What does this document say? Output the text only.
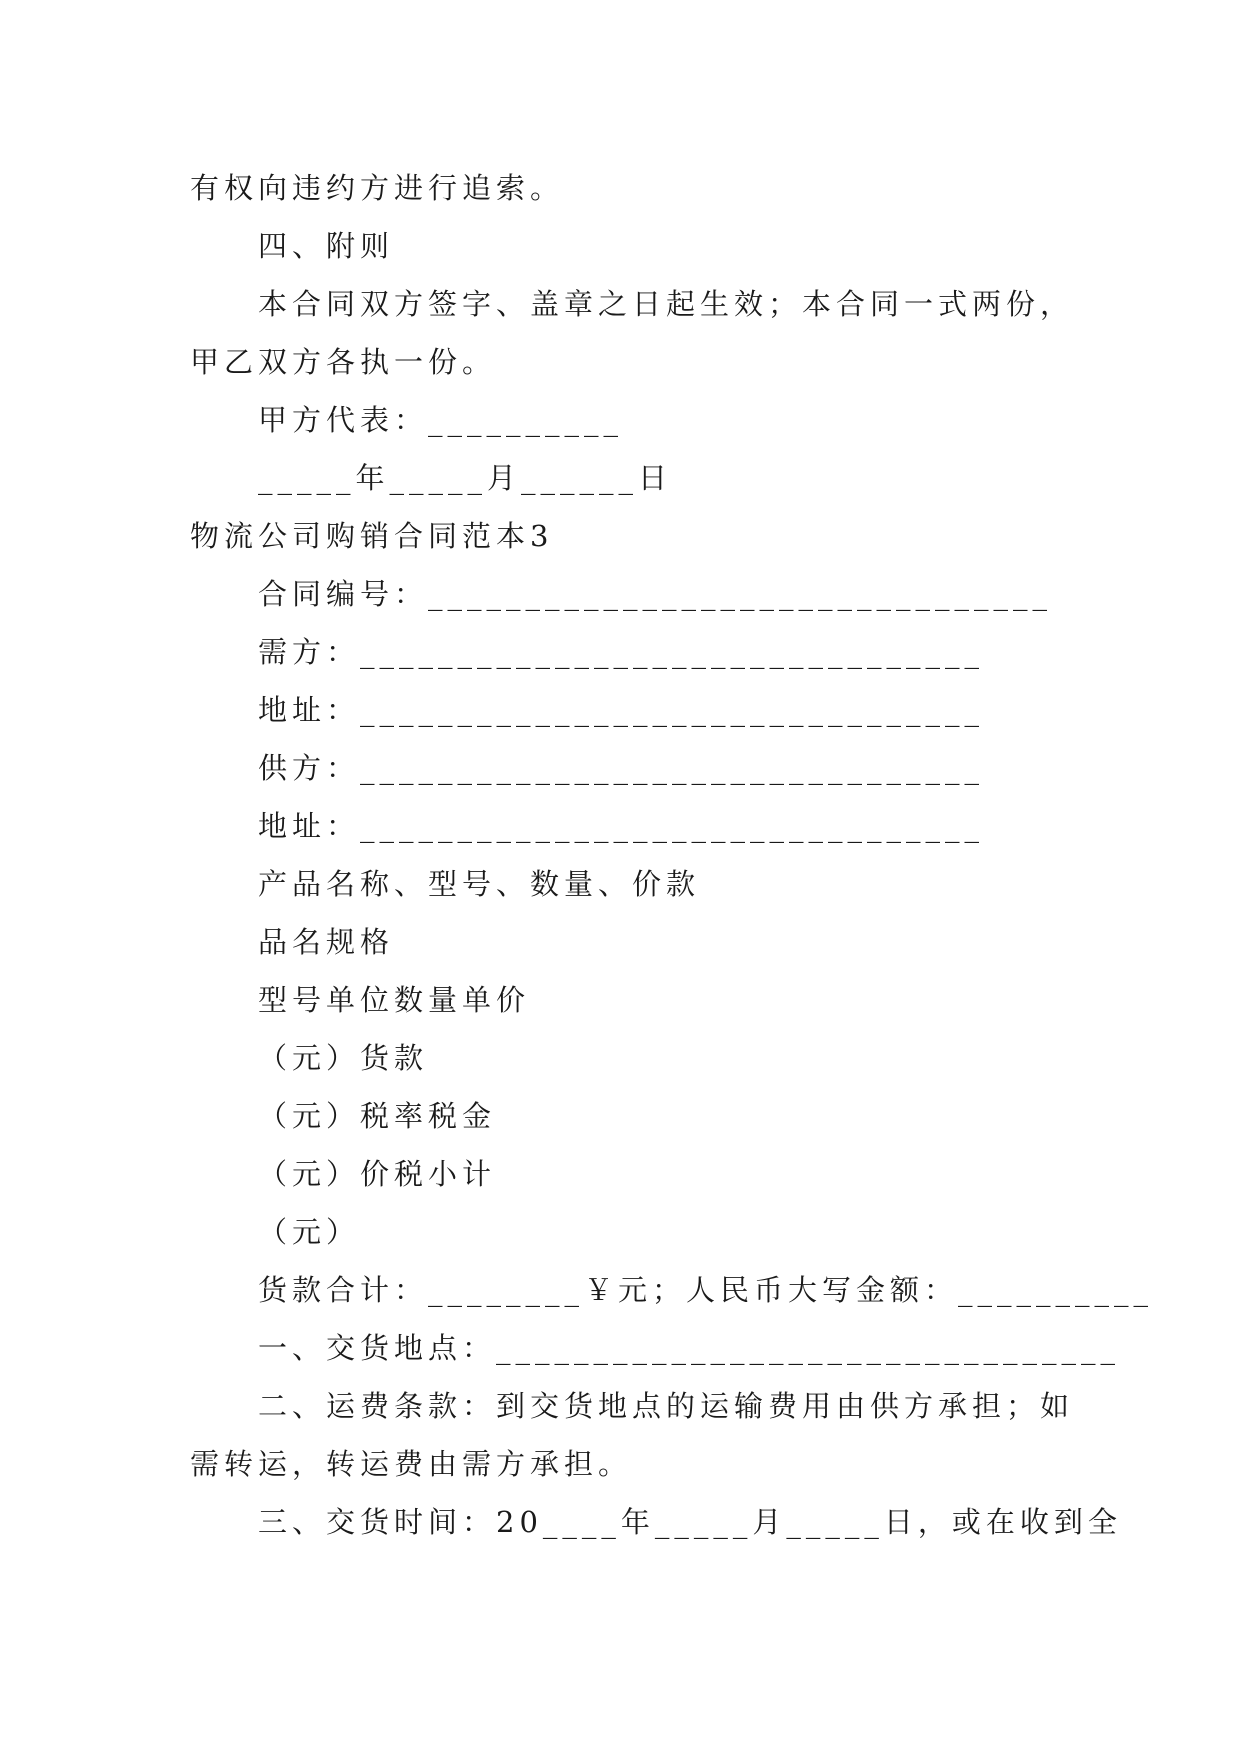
有权向违约方进行追索。
四、附则
本合同双方签字、盖章之日起生效；本合同一式两份，
甲乙双方各执一份。
甲方代表：__________
_____年_____月______日
物流公司购销合同范本3
合同编号：________________________________
需方：________________________________
地址：________________________________
供方：________________________________
地址：________________________________
产品名称、型号、数量、价款
品名规格
型号单位数量单价
（元）货款
（元）税率税金
（元）价税小计
（元）
货款合计：________￥元；人民币大写金额：__________
一、交货地点：________________________________
二、运费条款：到交货地点的运输费用由供方承担；如
需转运，转运费由需方承担。
三、交货时间：20____年_____月_____日，或在收到全
